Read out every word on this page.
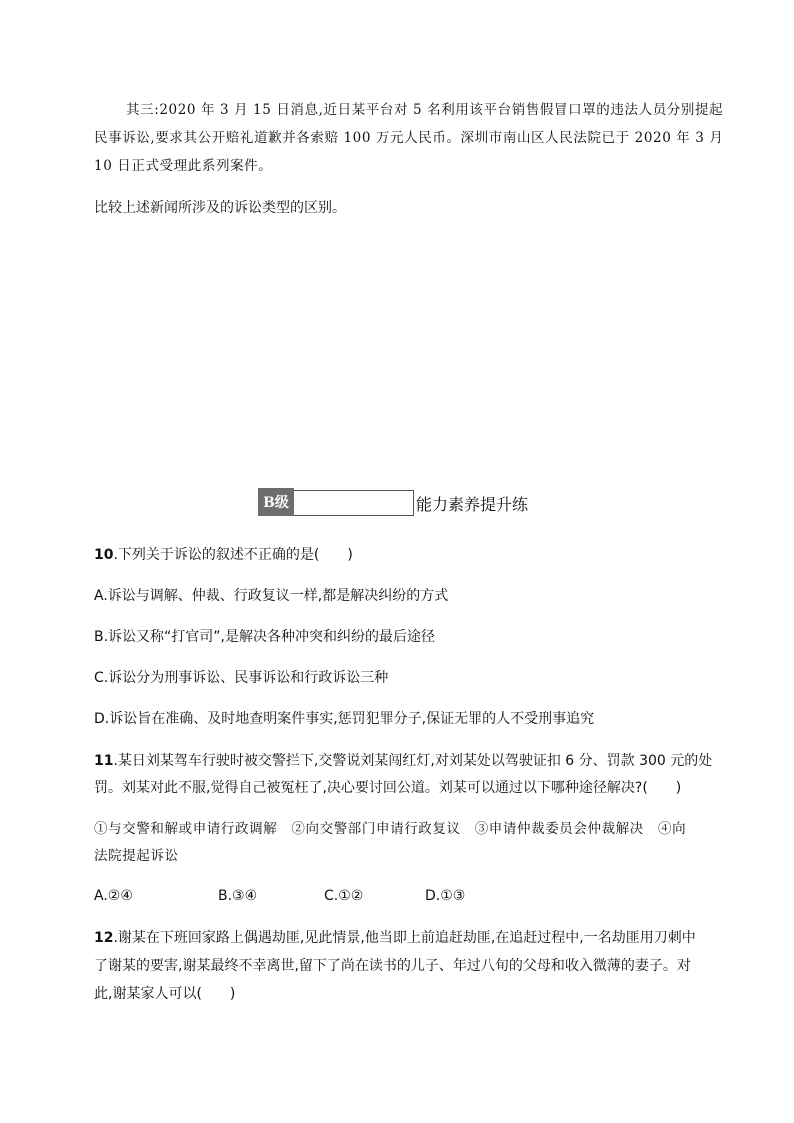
其三:2020 年 3 月 15 日消息,近日某平台对 5 名利用该平台销售假冒口罩的违法人员分别提起
民事诉讼,要求其公开赔礼道歉并各索赔 100 万元人民币。深圳市南山区人民法院已于 2020 年 3 月
10 日正式受理此系列案件。
比较上述新闻所涉及的诉讼类型的区别。
B级	能力素养提升练
10.下列关于诉讼的叙述不正确的是(　　)
A.诉讼与调解、仲裁、行政复议一样,都是解决纠纷的方式
B.诉讼又称“打官司”,是解决各种冲突和纠纷的最后途径
C.诉讼分为刑事诉讼、民事诉讼和行政诉讼三种
D.诉讼旨在准确、及时地查明案件事实,惩罚犯罪分子,保证无罪的人不受刑事追究
11.某日刘某驾车行驶时被交警拦下,交警说刘某闯红灯,对刘某处以驾驶证扣 6 分、罚款 300 元的处
罚。刘某对此不服,觉得自己被冤枉了,决心要讨回公道。刘某可以通过以下哪种途径解决?(　　)
①与交警和解或申请行政调解　②向交警部门申请行政复议　③申请仲裁委员会仲裁解决　④向
法院提起诉讼
A.②④	B.③④	C.①②	D.①③
12.谢某在下班回家路上偶遇劫匪,见此情景,他当即上前追赶劫匪,在追赶过程中,一名劫匪用刀刺中
了谢某的要害,谢某最终不幸离世,留下了尚在读书的儿子、年过八旬的父母和收入微薄的妻子。对
此,谢某家人可以(　　)
